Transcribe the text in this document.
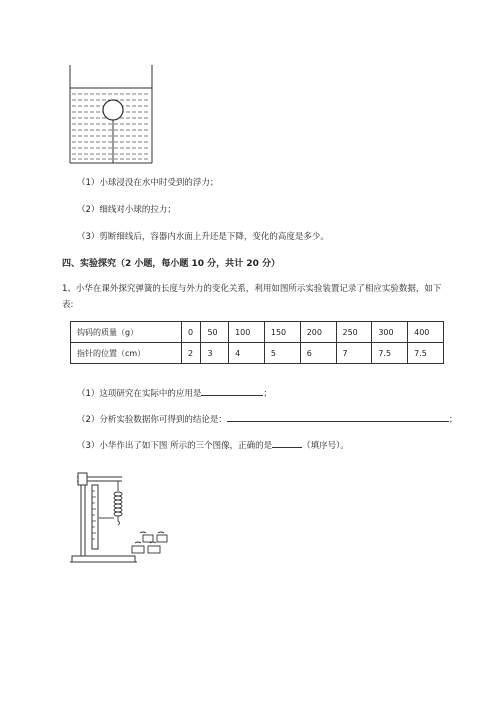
（1）小球浸没在水中时受到的浮力；
（2）细线对小球的拉力；
（3）剪断细线后，容器内水面上升还是下降，变化的高度是多少。
四、实验探究（2 小题，每小题 10 分，共计 20 分）
1、小华在课外探究弹簧的长度与外力的变化关系，利用如图所示实验装置记录了相应实验数据，如下
表:
钩码的质量（g）	0	50	100	150	200	250	300	400
指针的位置（cm）	2	3	4	5	6	7	7.5	7.5
（1）这项研究在实际中的应用是	；
（2）分析实验数据你可得到的结论是：	；
（3）小华作出了如下图 所示的三个图像，正确的是	（填序号）。
